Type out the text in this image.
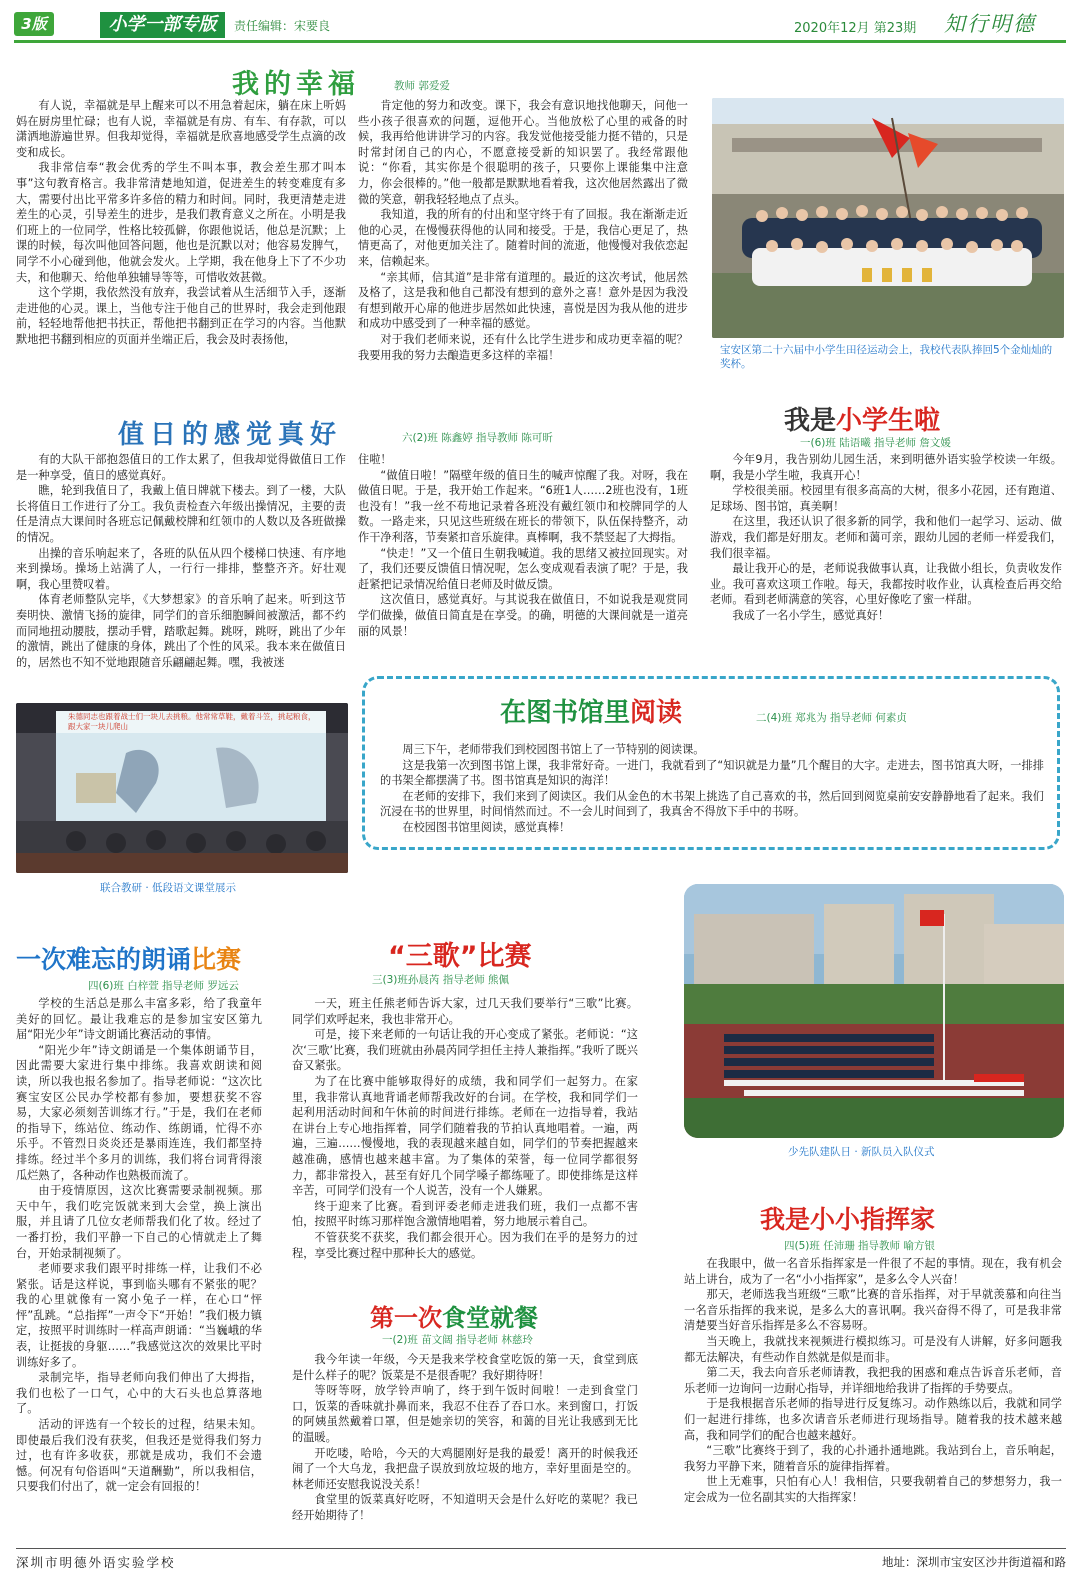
3版	小学一部专版	责任编辑：宋要良	2020年12月 第23期 知行明德
我的幸福	教师 郭爱爱

有人说，幸福就是早上醒来可以不用急着起床，躺在床上听妈妈在厨房里忙碌；也有人说，幸福就是有房、有车、有存款，可以潇洒地游遍世界。但我却觉得，幸福就是欣喜地感受学生点滴的改变和成长。

我非常信奉“教会优秀的学生不叫本事，教会差生那才叫本事”这句教育格言。我非常清楚地知道，促进差生的转变难度有多大，需要付出比平常多许多倍的精力和时间。同时，我更清楚走进差生的心灵，引导差生的进步，是我们教育意义之所在。小明是我们班上的一位同学，性格比较孤僻，你跟他说话，他总是沉默；上课的时候，每次叫他回答问题，他也是沉默以对；他容易发脾气，同学不小心碰到他，他就会发火。上学期，我在他身上下了不少功夫，和他聊天、给他单独辅导等等，可惜收效甚微。

这个学期，我依然没有放弃，我尝试着从生活细节入手，逐渐走进他的心灵。课上，当他专注于他自己的世界时，我会走到他跟前，轻轻地帮他把书扶正，帮他把书翻到正在学习的内容。当他默默地把书翻到相应的页面并坐端正后，我会及时表扬他，

肯定他的努力和改变。课下，我会有意识地找他聊天，问他一些小孩子很喜欢的问题，逗他开心。当他放松了心里的戒备的时候，我再给他讲讲学习的内容。我发觉他接受能力挺不错的，只是时常封闭自己的内心，不愿意接受新的知识罢了。我经常跟他说：“你看，其实你是个很聪明的孩子，只要你上课能集中注意力，你会很棒的。”他一般都是默默地看着我，这次他居然露出了微微的笑意，朝我轻轻地点了点头。

我知道，我的所有的付出和坚守终于有了回报。我在渐渐走近他的心灵，在慢慢获得他的认同和接受。于是，我信心更足了，热情更高了，对他更加关注了。随着时间的流逝，他慢慢对我依恋起来，信赖起来。

“亲其师，信其道”是非常有道理的。最近的这次考试，他居然及格了，这是我和他自己都没有想到的意外之喜！意外是因为我没有想到敞开心扉的他进步居然如此快速，喜悦是因为我从他的进步和成功中感受到了一种幸福的感觉。

对于我们老师来说，还有什么比学生进步和成功更幸福的呢？我要用我的努力去酿造更多这样的幸福！	宝安区第二十六届中小学生田径运动会上，我校代表队捧回5个金灿灿的奖杯。
值日的感觉真好	六(2)班 陈鑫婷 指导教师 陈可昕

有的大队干部抱怨值日的工作太累了，但我却觉得做值日工作是一种享受，值日的感觉真好。

瞧，轮到我值日了，我戴上值日牌就下楼去。到了一楼，大队长将值日工作进行了分工。我负责检查六年级出操情况，主要的责任是清点大课间时各班忘记佩戴校牌和红领巾的人数以及各班做操的情况。

出操的音乐响起来了，各班的队伍从四个楼梯口快速、有序地来到操场。操场上站满了人，一行行一排排，整整齐齐。好壮观啊，我心里赞叹着。

体育老师整队完毕，《大梦想家》的音乐响了起来。听到这节奏明快、激情飞扬的旋律，同学们的音乐细胞瞬间被激活，都不约而同地扭动腰肢，摆动手臂，踏歌起舞。跳呀，跳呀，跳出了少年的激情，跳出了健康的身体，跳出了个性的风采。我本来在做值日的，居然也不知不觉地跟随音乐翩翩起舞。嘿，我被迷

住啦！

“做值日啦！”隔壁年级的值日生的喊声惊醒了我。对呀，我在做值日呢。于是，我开始工作起来。“6班1人……2班也没有，1班也没有！”我一丝不苟地记录着各班没有戴红领巾和校牌同学的人数。一路走来，只见这些班级在班长的带领下，队伍保持整齐，动作干净利落，节奏紧扣音乐旋律。真棒啊，我不禁竖起了大拇指。

“快走！”又一个值日生朝我喊道。我的思绪又被拉回现实。对了，我们还要反馈值日情况呢，怎么变成观看表演了呢？于是，我赶紧把记录情况给值日老师及时做反馈。

这次值日，感觉真好。与其说我在做值日，不如说我是观赏同学们做操，做值日简直是在享受。的确，明德的大课间就是一道亮丽的风景！

我是小学生啦
一(6)班 陆语曦 指导老师 詹文媛

今年9月，我告别幼儿园生活，来到明德外语实验学校读一年级。啊，我是小学生啦，我真开心！

学校很美丽。校园里有很多高高的大树，很多小花园，还有跑道、足球场、图书馆，真美啊！

在这里，我还认识了很多新的同学，我和他们一起学习、运动、做游戏，我们都是好朋友。老师和蔼可亲，跟幼儿园的老师一样爱我们，我们很幸福。

最让我开心的是，老师说我做事认真，让我做小组长，负责收发作业。我可喜欢这项工作啦。每天，我都按时收作业，认真检查后再交给老师。看到老师满意的笑容，心里好像吃了蜜一样甜。

我成了一名小学生，感觉真好！

朱德同志也跟着战士们一块儿去挑粮。他常常草鞋，戴着斗笠，挑起粮食，跟大家一块儿爬山
联合教研 · 低段语文课堂展示
在图书馆里阅读	二(4)班 郑兆为 指导老师 何素贞

周三下午，老师带我们到校园图书馆上了一节特别的阅读课。

这是我第一次到图书馆上课，我非常好奇。一进门，我就看到了“知识就是力量”几个醒目的大字。走进去，图书馆真大呀，一排排的书架全都摆满了书。图书馆真是知识的海洋！

在老师的安排下，我们来到了阅读区。我们从金色的木书架上挑选了自己喜欢的书，然后回到阅览桌前安安静静地看了起来。我们沉浸在书的世界里，时间悄然而过。不一会儿时间到了，我真舍不得放下手中的书呀。

在校园图书馆里阅读，感觉真棒！

一次难忘的朗诵比赛
四(6)班 白梓萱 指导老师 罗远云

学校的生活总是那么丰富多彩，给了我童年美好的回忆。最让我难忘的是参加宝安区第九届“阳光少年”诗文朗诵比赛活动的事情。

“阳光少年”诗文朗诵是一个集体朗诵节目，因此需要大家进行集中排练。我喜欢朗读和阅读，所以我也报名参加了。指导老师说：“这次比赛宝安区公民办学校都有参加，要想获奖不容易，大家必须刻苦训练才行。”于是，我们在老师的指导下，练站位、练动作、练朗诵，忙得不亦乐乎。不管烈日炎炎还是暴雨连连，我们都坚持排练。经过半个多月的训练，我们将台词背得滚瓜烂熟了，各种动作也熟极而流了。

由于疫情原因，这次比赛需要录制视频。那天中午，我们吃完饭就来到大会堂，换上演出服，并且请了几位女老师帮我们化了妆。经过了一番打扮，我们平静一下自己的心情就走上了舞台，开始录制视频了。

老师要求我们跟平时排练一样，让我们不必紧张。话是这样说，事到临头哪有不紧张的呢？我的心里就像有一窝小兔子一样，在心口“怦怦”乱跳。“总指挥”一声令下“开始！”我们极力镇定，按照平时训练时一样高声朗诵：“当巍峨的华表，让挺拔的身躯……”我感觉这次的效果比平时训练好多了。

录制完毕，指导老师向我们伸出了大拇指，我们也松了一口气，心中的大石头也总算落地了。

活动的评选有一个较长的过程，结果未知。即使最后我们没有获奖，但我还是觉得我们努力过，也有许多收获，那就是成功，我们不会遗憾。何况有句俗语叫“天道酬勤”，所以我相信，只要我们付出了，就一定会有回报的！

“三歌”比赛
三(3)班孙晨芮 指导老师 熊佩

一天，班主任熊老师告诉大家，过几天我们要举行“三歌”比赛。同学们欢呼起来，我也非常开心。

可是，接下来老师的一句话让我的开心变成了紧张。老师说：“这次‘三歌’比赛，我们班就由孙晨芮同学担任主持人兼指挥。”我听了既兴奋又紧张。

为了在比赛中能够取得好的成绩，我和同学们一起努力。在家里，我非常认真地背诵老师帮我改好的台词。在学校，我和同学们一起利用活动时间和午休前的时间进行排练。老师在一边指导着，我站在讲台上专心地指挥着，同学们随着我的节拍认真地唱着。一遍，两遍，三遍……慢慢地，我的表现越来越自如，同学们的节奏把握越来越准确，感情也越来越丰富。为了集体的荣誉，每一位同学都很努力，都非常投入，甚至有好几个同学嗓子都练哑了。即使排练是这样辛苦，可同学们没有一个人说苦，没有一个人嫌累。

终于迎来了比赛。看到评委老师走进我们班，我们一点都不害怕，按照平时练习那样饱含激情地唱着，努力地展示着自己。

不管获奖不获奖，我们都会很开心。因为我们在乎的是努力的过程，享受比赛过程中那种长大的感觉。

第一次食堂就餐
一(2)班 苗文阔 指导老师 林慈玲

我今年读一年级，今天是我来学校食堂吃饭的第一天，食堂到底是什么样子的呢？饭菜是不是很香呢？我好期待呀！

等呀等呀，放学铃声响了，终于到午饭时间啦！一走到食堂门口，饭菜的香味就扑鼻而来，我忍不住吞了吞口水。来到窗口，打饭的阿姨虽然戴着口罩，但是她亲切的笑容，和蔼的目光让我感到无比的温暖。

开吃喽，哈哈，今天的大鸡腿刚好是我的最爱！离开的时候我还闹了一个大乌龙，我把盘子误放到放垃圾的地方，幸好里面是空的。林老师还安慰我说没关系！

食堂里的饭菜真好吃呀，不知道明天会是什么好吃的菜呢？我已经开始期待了！

少先队建队日 · 新队员入队仪式
我是小小指挥家
四(5)班 任沛珊 指导教师 喻方银

在我眼中，做一名音乐指挥家是一件很了不起的事情。现在，我有机会站上讲台，成为了一名“小小指挥家”，是多么令人兴奋！

那天，老师选我当班级“三歌”比赛的音乐指挥，对于早就羡慕和向往当一名音乐指挥的我来说，是多么大的喜讯啊。我兴奋得不得了，可是我非常清楚要当好音乐指挥是多么不容易呀。

当天晚上，我就找来视频进行模拟练习。可是没有人讲解，好多问题我都无法解决，有些动作自然就是似是而非。

第二天，我去向音乐老师请教，我把我的困惑和难点告诉音乐老师，音乐老师一边询问一边耐心指导，并详细地给我讲了指挥的手势要点。

于是我根据音乐老师的指导进行反复练习。动作熟练以后，我就和同学们一起进行排练，也多次请音乐老师进行现场指导。随着我的技术越来越高，我和同学们的配合也越来越好。

“三歌”比赛终于到了，我的心扑通扑通地跳。我站到台上，音乐响起，我努力平静下来，随着音乐的旋律指挥着。

世上无难事，只怕有心人！我相信，只要我朝着自己的梦想努力，我一定会成为一位名副其实的大指挥家！

深圳市明德外语实验学校	地址：深圳市宝安区沙井街道福和路
